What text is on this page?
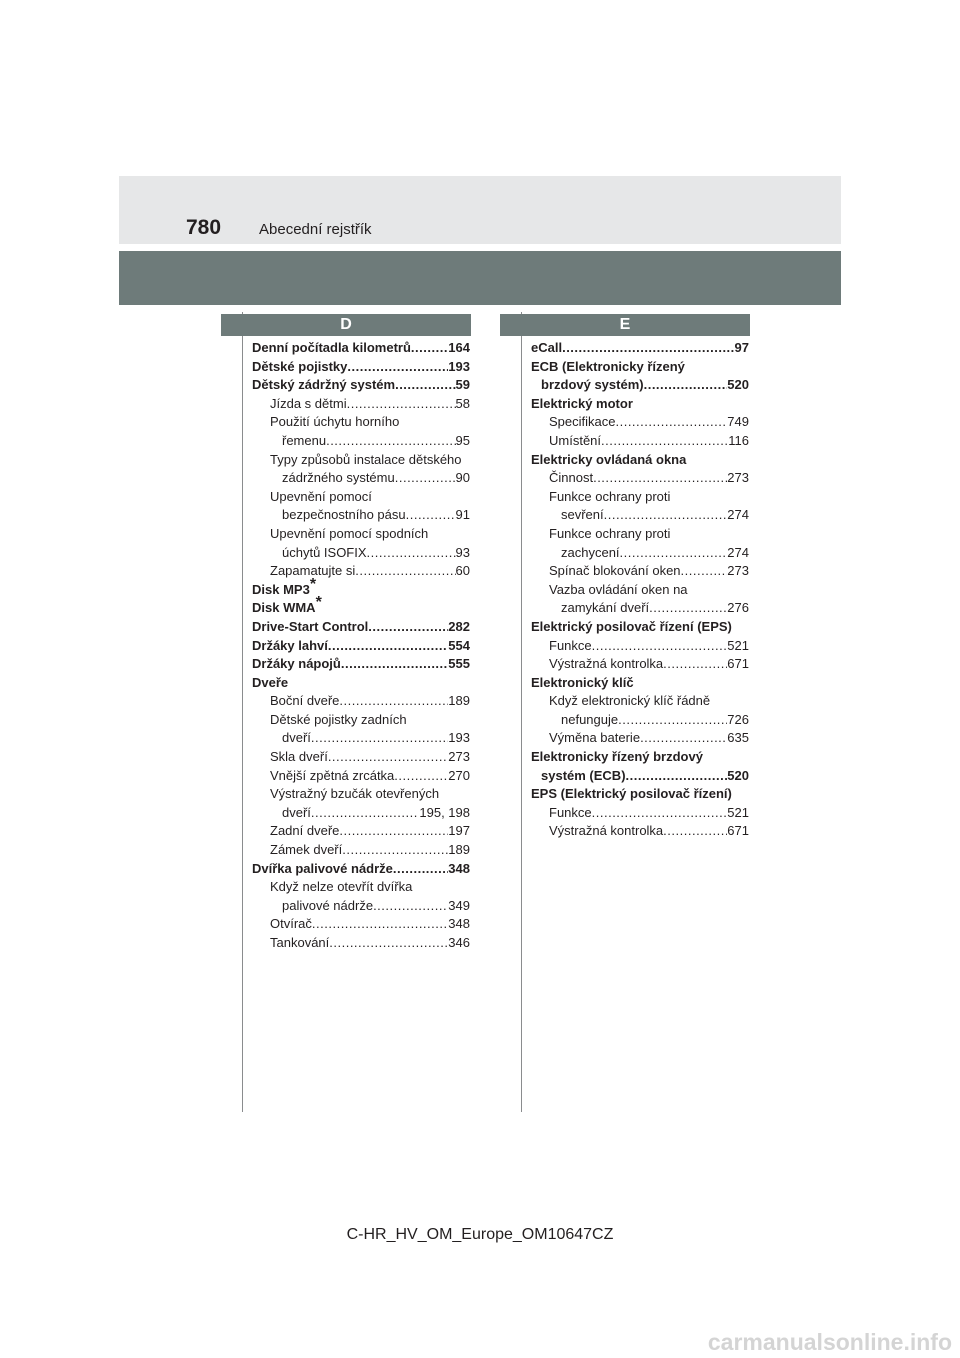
780	Abecední rejstřík
D	E
Denní počítadla kilometrů .....	164
Dětské pojistky .....	193
Dětský zádržný systém .....	59
Jízda s dětmi .....	58
Použití úchytu horního
řemenu .....	95
Typy způsobů instalace dětského
zádržného systému .....	90
Upevnění pomocí
bezpečnostního pásu .....	91
Upevnění pomocí spodních
úchytů ISOFIX .....	93
Zapamatujte si .....	60
Disk MP3*
Disk WMA*
Drive-Start Control .....	282
Držáky lahví .....	554
Držáky nápojů .....	555
Dveře
Boční dveře .....	189
Dětské pojistky zadních
dveří .....	193
Skla dveří .....	273
Vnější zpětná zrcátka .....	270
Výstražný bzučák otevřených
dveří .....	195, 198
Zadní dveře .....	197
Zámek dveří .....	189
Dvířka palivové nádrže .....	348
Když nelze otevřít dvířka
palivové nádrže .....	349
Otvírač .....	348
Tankování .....	346
eCall .....	97
ECB (Elektronicky řízený
brzdový systém) .....	520
Elektrický motor
Specifikace .....	749
Umístění .....	116
Elektricky ovládaná okna
Činnost .....	273
Funkce ochrany proti
sevření .....	274
Funkce ochrany proti
zachycení .....	274
Spínač blokování oken .....	273
Vazba ovládání oken na
zamykání dveří .....	276
Elektrický posilovač řízení (EPS)
Funkce .....	521
Výstražná kontrolka .....	671
Elektronický klíč
Když elektronický klíč řádně
nefunguje .....	726
Výměna baterie .....	635
Elektronicky řízený brzdový
systém (ECB) .....	520
EPS (Elektrický posilovač řízení)
Funkce .....	521
Výstražná kontrolka .....	671
C-HR_HV_OM_Europe_OM10647CZ
carmanualsonline.info
